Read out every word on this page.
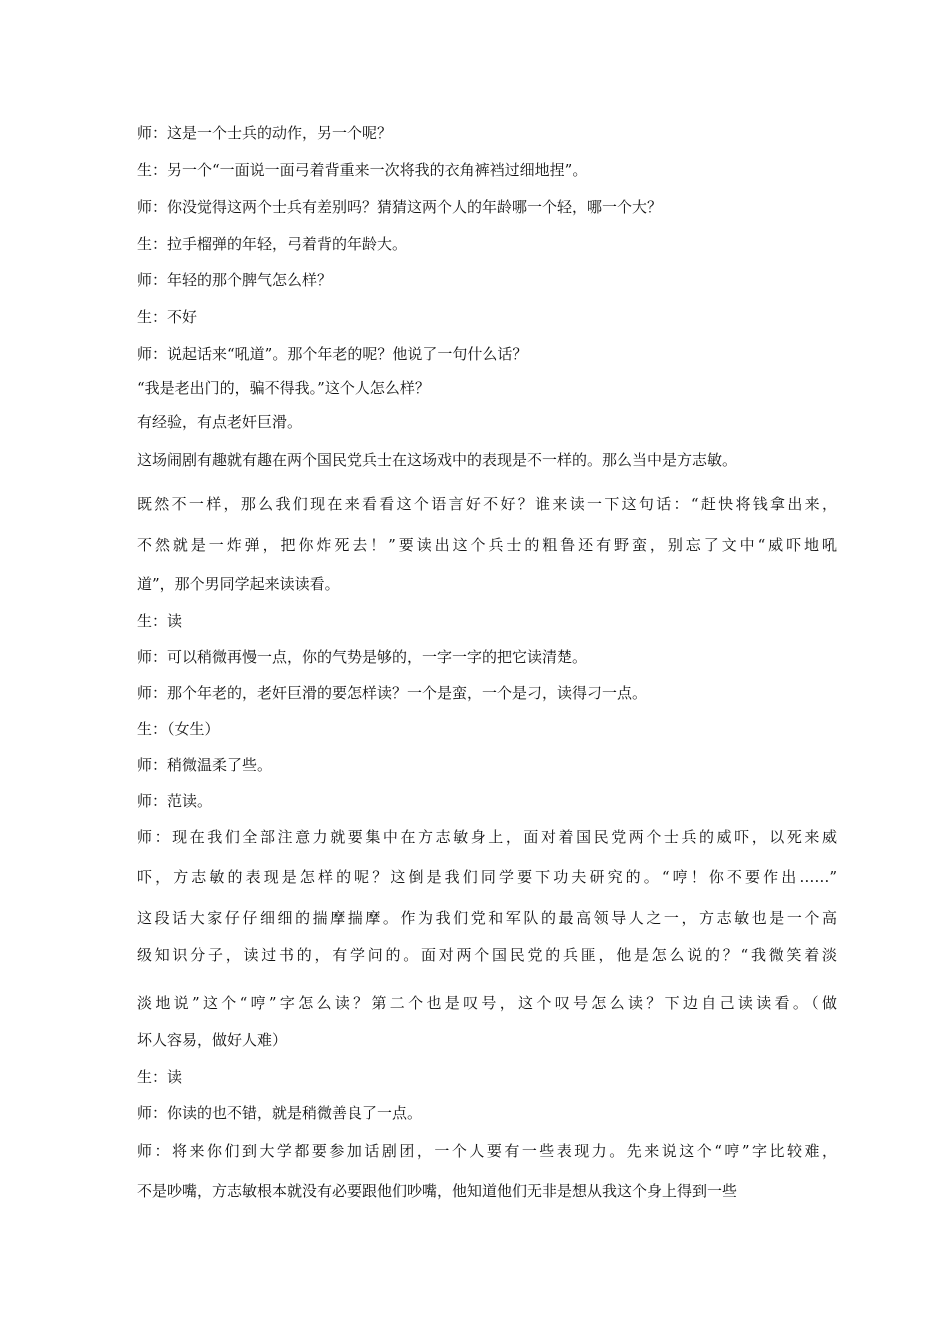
师：这是一个士兵的动作，另一个呢？
生：另一个“一面说一面弓着背重来一次将我的衣角裤裆过细地捏”。
师：你没觉得这两个士兵有差别吗？猜猜这两个人的年龄哪一个轻，哪一个大？
生：拉手榴弹的年轻，弓着背的年龄大。
师：年轻的那个脾气怎么样？
生：不好
师：说起话来“吼道”。那个年老的呢？他说了一句什么话？
“我是老出门的，骗不得我。”这个人怎么样？
有经验，有点老奸巨滑。
这场闹剧有趣就有趣在两个国民党兵士在这场戏中的表现是不一样的。那么当中是方志敏。
既然不一样，那么我们现在来看看这个语言好不好？谁来读一下这句话：“赶快将钱拿出来，
不然就是一炸弹，把你炸死去！”要读出这个兵士的粗鲁还有野蛮，别忘了文中“威吓地吼
道”，那个男同学起来读读看。
生：读
师：可以稍微再慢一点，你的气势是够的，一字一字的把它读清楚。
师：那个年老的，老奸巨滑的要怎样读？一个是蛮，一个是刁，读得刁一点。
生：（女生）
师：稍微温柔了些。
师：范读。
师：现在我们全部注意力就要集中在方志敏身上，面对着国民党两个士兵的威吓，以死来威
吓，方志敏的表现是怎样的呢？这倒是我们同学要下功夫研究的。“哼！你不要作出……”
这段话大家仔仔细细的揣摩揣摩。作为我们党和军队的最高领导人之一，方志敏也是一个高
级知识分子，读过书的，有学问的。面对两个国民党的兵匪，他是怎么说的？“我微笑着淡
淡地说”这个“哼”字怎么读？第二个也是叹号，这个叹号怎么读？下边自己读读看。（做
坏人容易，做好人难）
生：读
师：你读的也不错，就是稍微善良了一点。
师：将来你们到大学都要参加话剧团，一个人要有一些表现力。先来说这个“哼”字比较难，
不是吵嘴，方志敏根本就没有必要跟他们吵嘴，他知道他们无非是想从我这个身上得到一些
